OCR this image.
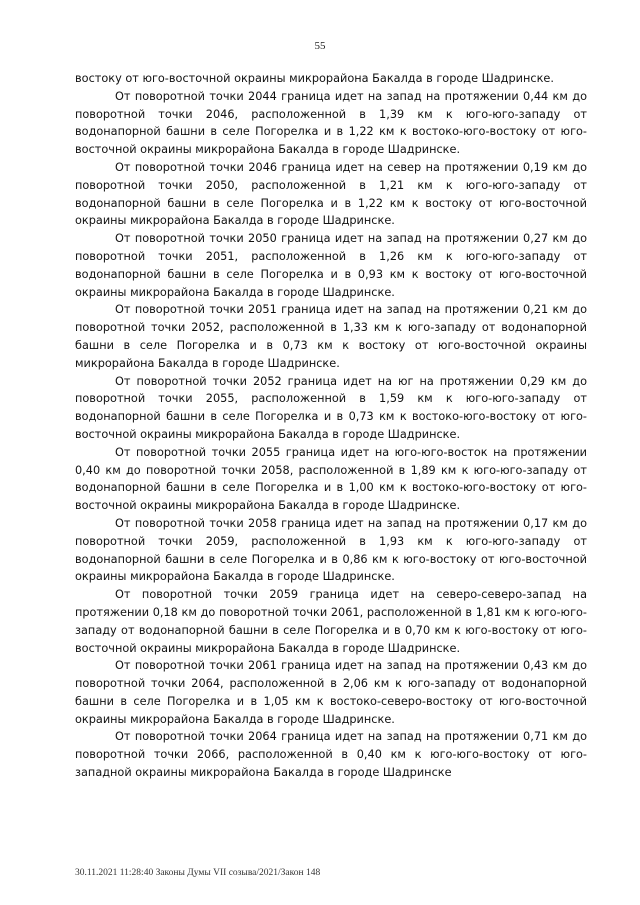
55

востоку от юго-восточной окраины микрорайона Бакалда в городе Шадринске.

От поворотной точки 2044 граница идет на запад на протяжении 0,44 км до поворотной точки 2046, расположенной в 1,39 км к юго-юго-западу от водонапорной башни в селе Погорелка и в 1,22 км к востоко-юго-востоку от юго-восточной окраины микрорайона Бакалда в городе Шадринске.

От поворотной точки 2046 граница идет на север на протяжении 0,19 км до поворотной точки 2050, расположенной в 1,21 км к юго-юго-западу от водонапорной башни в селе Погорелка и в 1,22 км к востоку от юго-восточной окраины микрорайона Бакалда в городе Шадринске.

От поворотной точки 2050 граница идет на запад на протяжении 0,27 км до поворотной точки 2051, расположенной в 1,26 км к юго-юго-западу от водонапорной башни в селе Погорелка и в 0,93 км к востоку от юго-восточной окраины микрорайона Бакалда в городе Шадринске.

От поворотной точки 2051 граница идет на запад на протяжении 0,21 км до поворотной точки 2052, расположенной в 1,33 км к юго-западу от водонапорной башни в селе Погорелка и в 0,73 км к востоку от юго-восточной окраины микрорайона Бакалда в городе Шадринске.

От поворотной точки 2052 граница идет на юг на протяжении 0,29 км до поворотной точки 2055, расположенной в 1,59 км к юго-юго-западу от водонапорной башни в селе Погорелка и в 0,73 км к востоко-юго-востоку от юго-восточной окраины микрорайона Бакалда в городе Шадринске.

От поворотной точки 2055 граница идет на юго-юго-восток на протяжении 0,40 км до поворотной точки 2058, расположенной в 1,89 км к юго-юго-западу от водонапорной башни в селе Погорелка и в 1,00 км к востоко-юго-востоку от юго-восточной окраины микрорайона Бакалда в городе Шадринске.

От поворотной точки 2058 граница идет на запад на протяжении 0,17 км до поворотной точки 2059, расположенной в 1,93 км к юго-юго-западу от водонапорной башни в селе Погорелка и в 0,86 км к юго-востоку от юго-восточной окраины микрорайона Бакалда в городе Шадринске.

От поворотной точки 2059 граница идет на северо-северо-запад на протяжении 0,18 км до поворотной точки 2061, расположенной в 1,81 км к юго-юго-западу от водонапорной башни в селе Погорелка и в 0,70 км к юго-востоку от юго-восточной окраины микрорайона Бакалда в городе Шадринске.

От поворотной точки 2061 граница идет на запад на протяжении 0,43 км до поворотной точки 2064, расположенной в 2,06 км к юго-западу от водонапорной башни в селе Погорелка и в 1,05 км к востоко-северо-востоку от юго-восточной окраины микрорайона Бакалда в городе Шадринске.

От поворотной точки 2064 граница идет на запад на протяжении 0,71 км до поворотной точки 2066, расположенной в 0,40 км к юго-юго-востоку от юго-западной окраины микрорайона Бакалда в городе Шадринске

30.11.2021 11:28:40 Законы Думы VII созыва/2021/Закон 148
